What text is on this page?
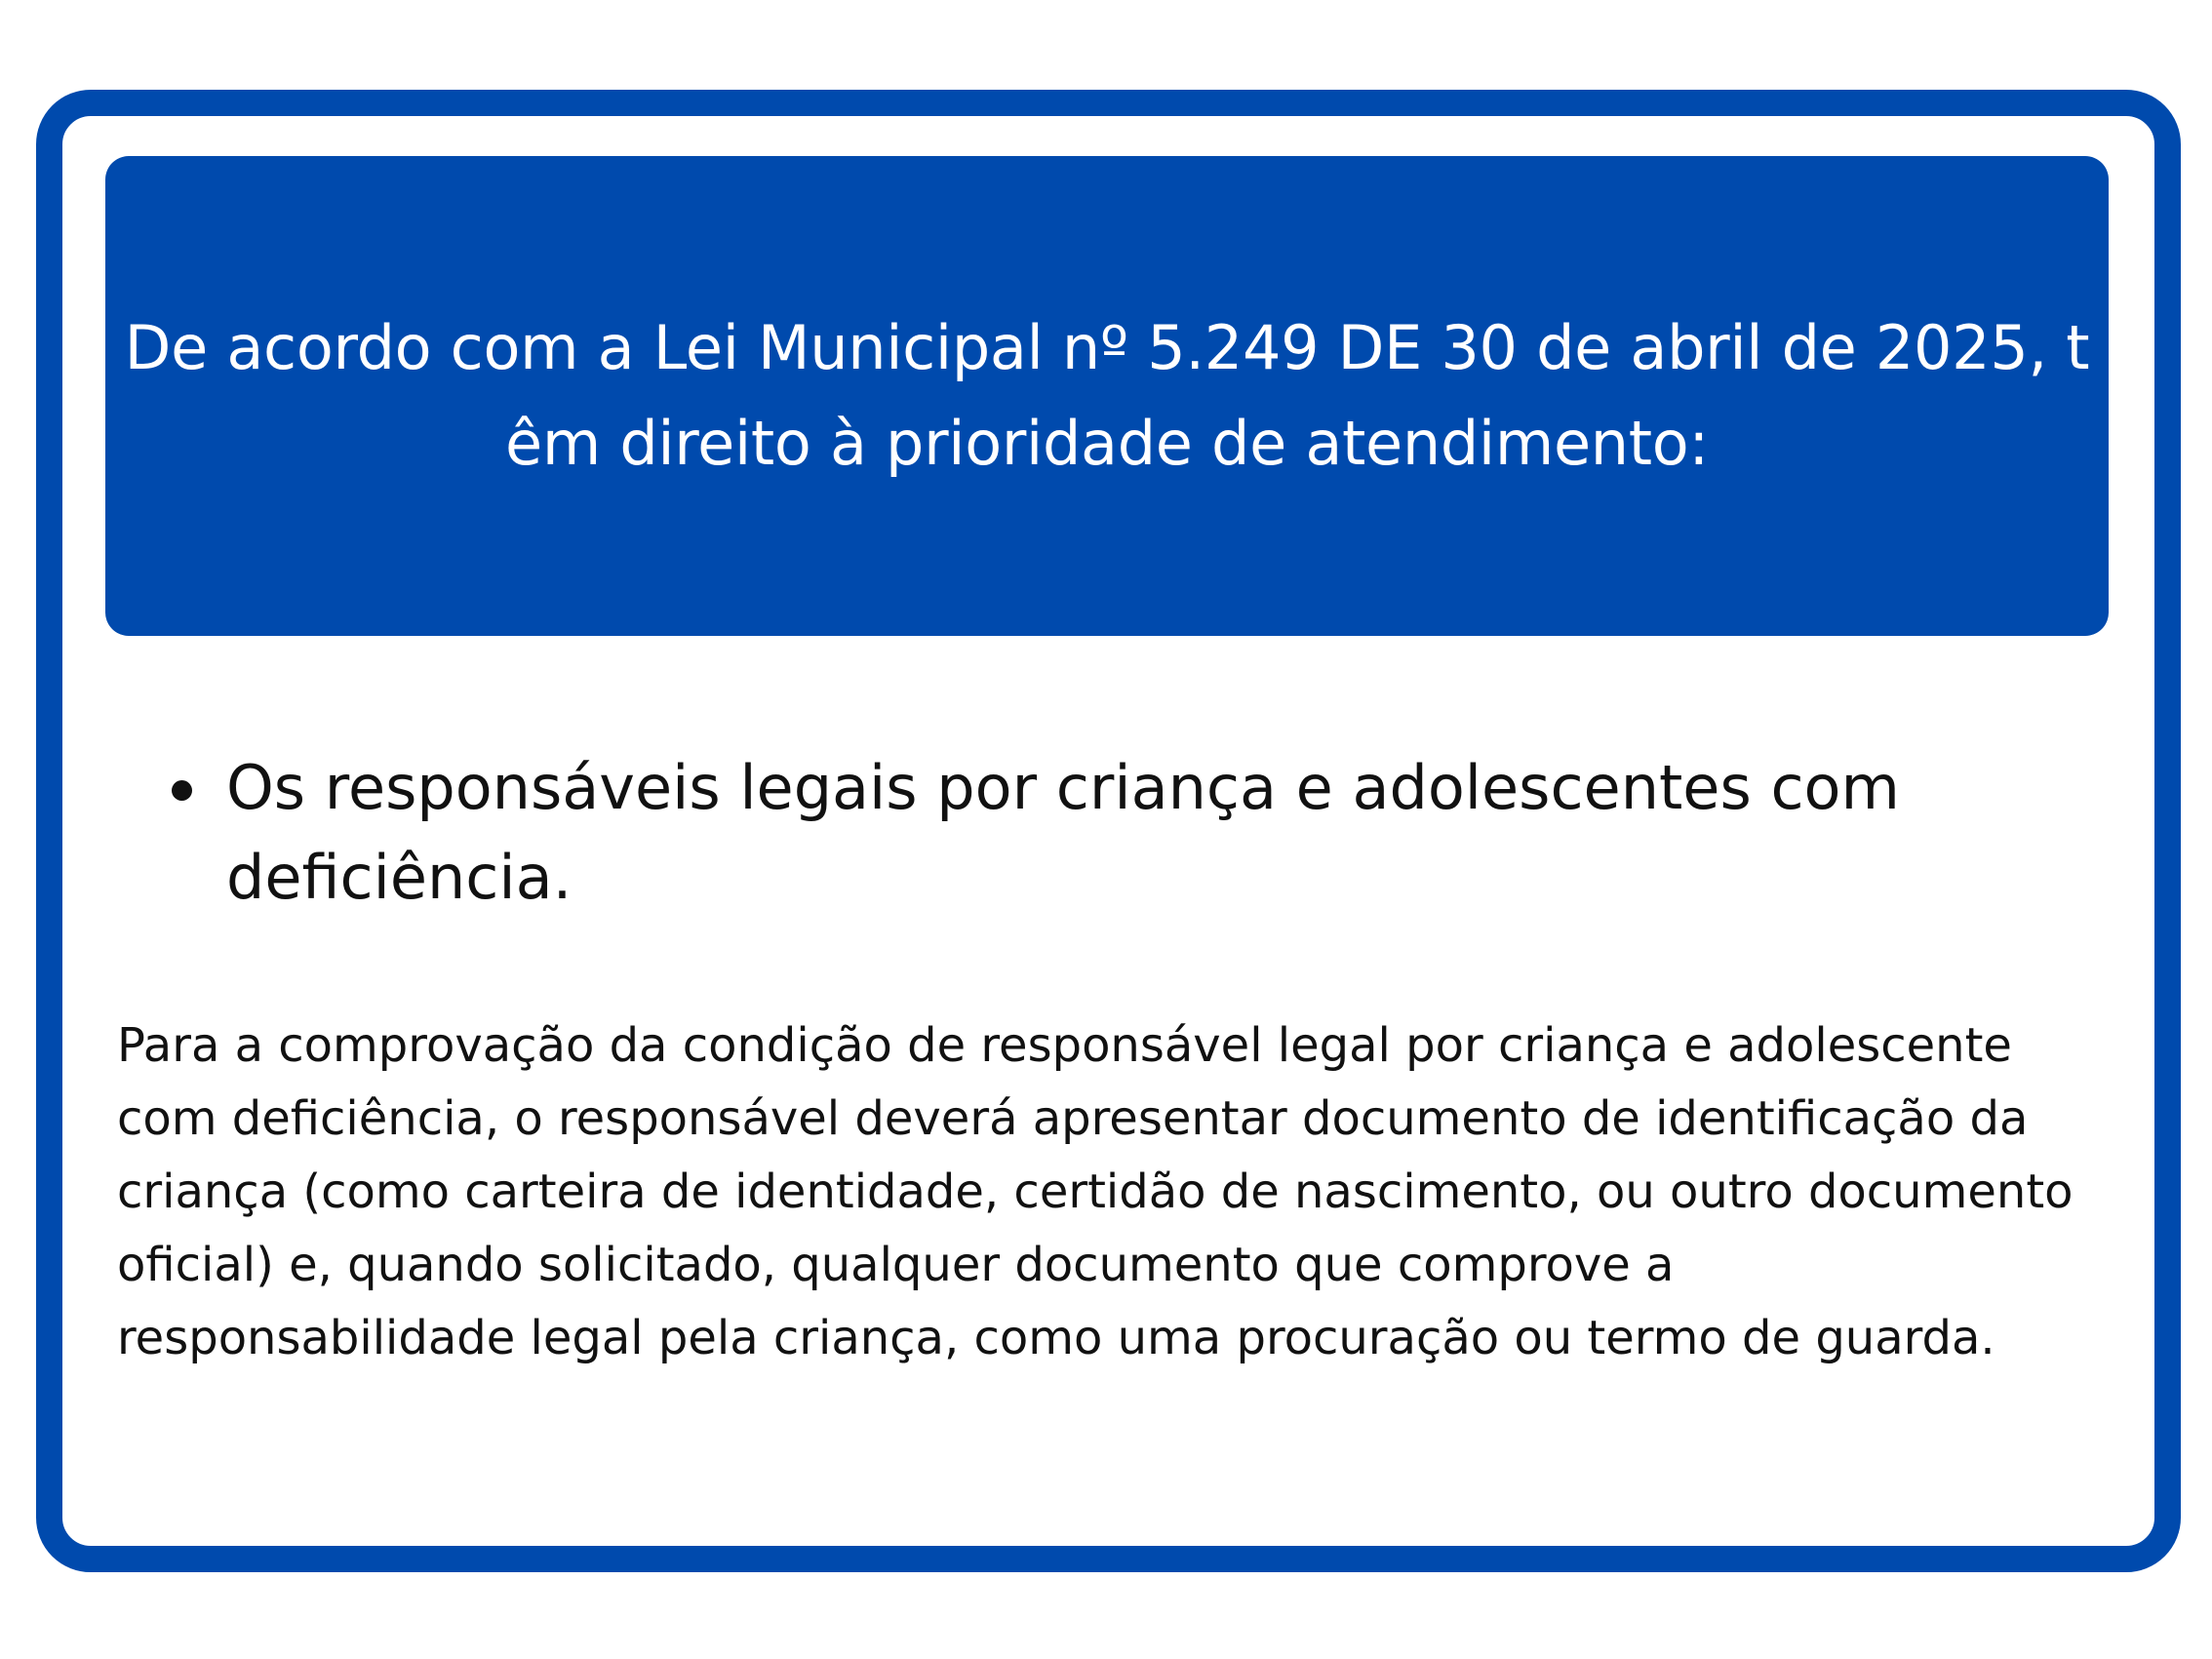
De acordo com a Lei Municipal nº 5.249 DE 30 de abril de 2025, têm direito à prioridade de atendimento:
Os responsáveis legais por criança e adolescentes com deficiência.

Para a comprovação da condição de responsável legal por criança e adolescente com deficiência, o responsável deverá apresentar documento de identificação da criança (como carteira de identidade, certidão de nascimento, ou outro documento oficial) e, quando solicitado, qualquer documento que comprove a responsabilidade legal pela criança, como uma procuração ou termo de guarda.
